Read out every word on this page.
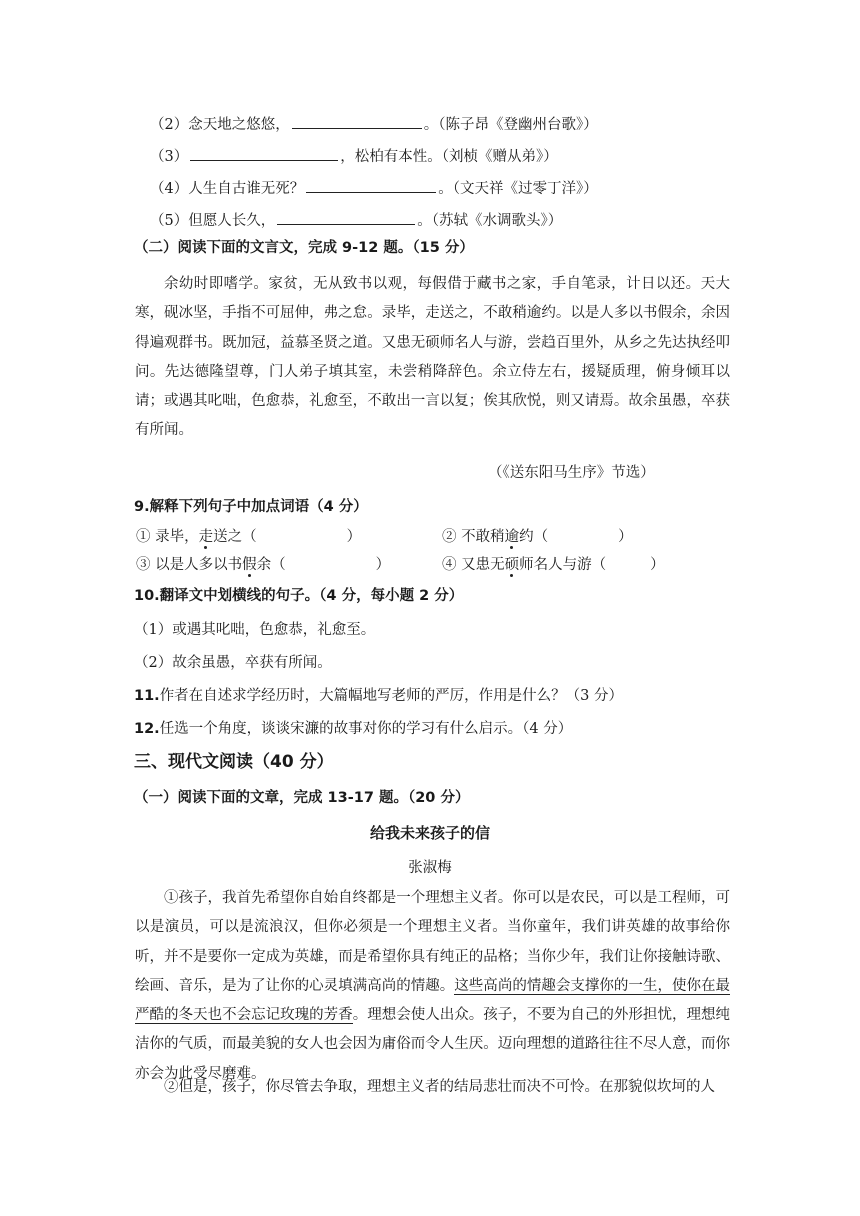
（2）念天地之悠悠，	。（陈子昂《登幽州台歌》）
（3）	，松柏有本性。（刘桢《赠从弟》）
（4）人生自古谁无死？	。（文天祥《过零丁洋》）
（5）但愿人长久，	。（苏轼《水调歌头》）
（二）阅读下面的文言文，完成 9-12 题。（15 分）
余幼时即嗜学。家贫，无从致书以观，每假借于藏书之家，手自笔录，计日以还。天大寒，砚冰坚，手指不可屈伸，弗之怠。录毕，走送之，不敢稍逾约。以是人多以书假余，余因得遍观群书。既加冠，益慕圣贤之道。又患无硕师名人与游，尝趋百里外，从乡之先达执经叩问。先达德隆望尊，门人弟子填其室，未尝稍降辞色。余立侍左右，援疑质理，俯身倾耳以请；或遇其叱咄，色愈恭，礼愈至，不敢出一言以复；俟其欣悦，则又请焉。故余虽愚，卒获有所闻。
（《送东阳马生序》节选）
9.解释下列句子中加点词语（4 分）
① 录毕，走送之（	）	② 不敢稍逾约（	）
③ 以是人多以书假余（	）	④ 又患无硕师名人与游（	）
10.翻译文中划横线的句子。（4 分，每小题 2 分）
（1）或遇其叱咄，色愈恭，礼愈至。
（2）故余虽愚，卒获有所闻。
11.作者在自述求学经历时，大篇幅地写老师的严厉，作用是什么？（3 分）
12.任选一个角度，谈谈宋濂的故事对你的学习有什么启示。（4 分）
三、现代文阅读（40 分）
（一）阅读下面的文章，完成 13-17 题。（20 分）
给我未来孩子的信
张淑梅
①孩子，我首先希望你自始自终都是一个理想主义者。你可以是农民，可以是工程师，可以是演员，可以是流浪汉，但你必须是一个理想主义者。当你童年，我们讲英雄的故事给你听，并不是要你一定成为英雄，而是希望你具有纯正的品格；当你少年，我们让你接触诗歌、绘画、音乐，是为了让你的心灵填满高尚的情趣。这些高尚的情趣会支撑你的一生，使你在最严酷的冬天也不会忘记玫瑰的芳香。理想会使人出众。孩子，不要为自己的外形担忧，理想纯洁你的气质，而最美貌的女人也会因为庸俗而令人生厌。迈向理想的道路往往不尽人意，而你亦会为此受尽磨难。
②但是，孩子，你尽管去争取，理想主义者的结局悲壮而决不可怜。在那貌似坎坷的人
